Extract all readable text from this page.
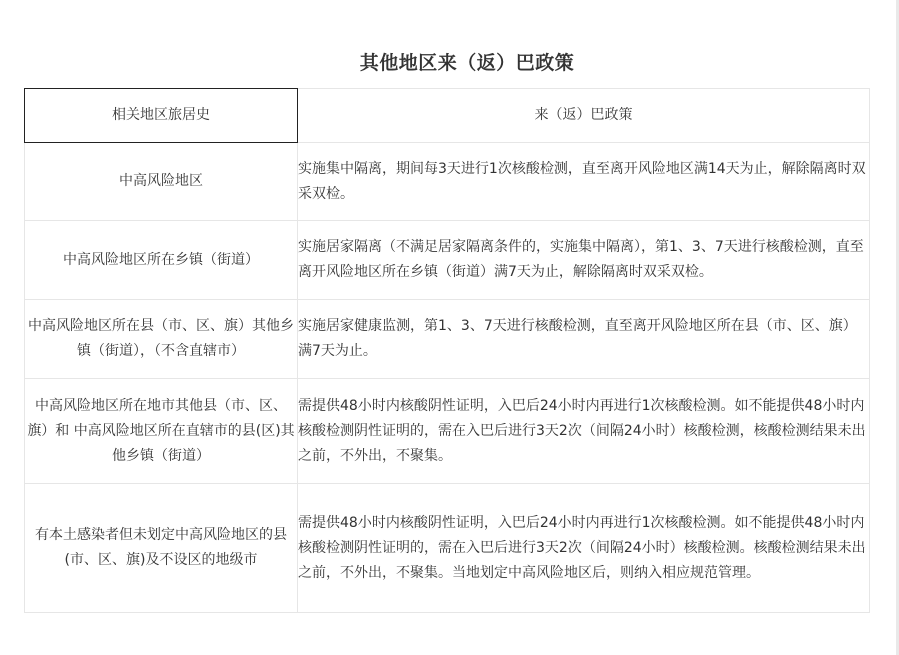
其他地区来（返）巴政策
相关地区旅居史	来（返）巴政策
中高风险地区	实施集中隔离，期间每3天进行1次核酸检测，直至离开风险地区满14天为止，解除隔离时双采双检。
中高风险地区所在乡镇（街道）	实施居家隔离（不满足居家隔离条件的，实施集中隔离），第1、3、7天进行核酸检测，直至离开风险地区所在乡镇（街道）满7天为止，解除隔离时双采双检。
中高风险地区所在县（市、区、旗）其他乡镇（街道），（不含直辖市）	实施居家健康监测，第1、3、7天进行核酸检测，直至离开风险地区所在县（市、区、旗）满7天为止。
中高风险地区所在地市其他县（市、区、旗）和 中高风险地区所在直辖市的县(区)其他乡镇（街道）	需提供48小时内核酸阴性证明，入巴后24小时内再进行1次核酸检测。如不能提供48小时内核酸检测阴性证明的，需在入巴后进行3天2次（间隔24小时）核酸检测，核酸检测结果未出之前，不外出，不聚集。
有本土感染者但未划定中高风险地区的县(市、区、旗)及不设区的地级市	需提供48小时内核酸阴性证明，入巴后24小时内再进行1次核酸检测。如不能提供48小时内核酸检测阴性证明的，需在入巴后进行3天2次（间隔24小时）核酸检测。核酸检测结果未出之前，不外出，不聚集。当地划定中高风险地区后，则纳入相应规范管理。
